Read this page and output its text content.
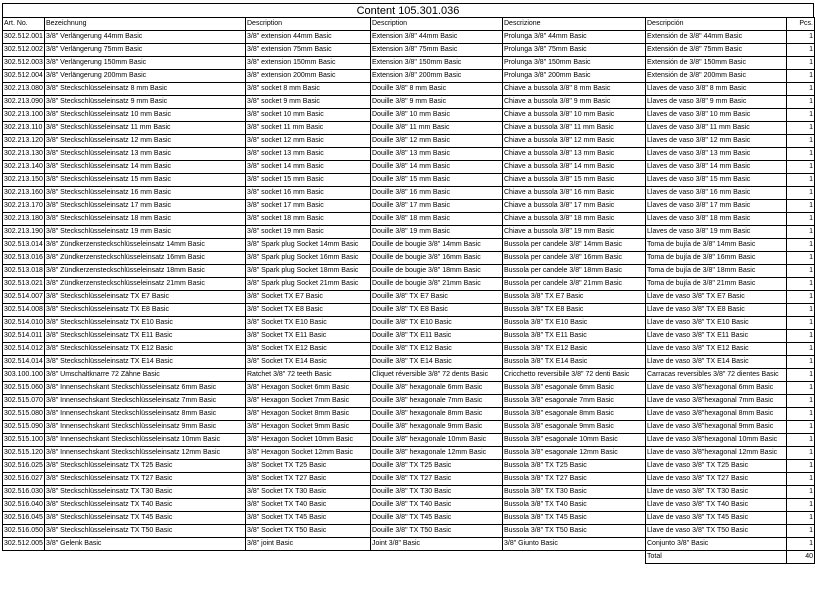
Content 105.301.036
Art. No.	Bezeichnung	Description	Description	Descrizione	Descripción	Pcs.
302.512.001	3/8" Verlängerung 44mm Basic	3/8" extension 44mm Basic	Extension 3/8" 44mm Basic	Prolunga 3/8" 44mm Basic	Extensión de 3/8" 44mm Basic	1
302.512.002	3/8" Verlängerung 75mm Basic	3/8" extension 75mm Basic	Extension 3/8" 75mm Basic	Prolunga 3/8" 75mm Basic	Extensión de 3/8" 75mm Basic	1
302.512.003	3/8" Verlängerung 150mm Basic	3/8" extension 150mm Basic	Extension 3/8" 150mm Basic	Prolunga 3/8" 150mm Basic	Extensión de 3/8" 150mm Basic	1
302.512.004	3/8" Verlängerung 200mm Basic	3/8" extension 200mm Basic	Extension 3/8" 200mm Basic	Prolunga 3/8" 200mm Basic	Extensión de 3/8" 200mm Basic	1
302.213.080	3/8" Steckschlüsseleinsatz 8 mm Basic	3/8" socket 8 mm Basic	Douille 3/8" 8 mm Basic	Chiave a bussola 3/8" 8 mm Basic	Llaves de vaso 3/8" 8 mm Basic	1
302.213.090	3/8" Steckschlüsseleinsatz 9 mm Basic	3/8" socket 9 mm Basic	Douille 3/8" 9 mm Basic	Chiave a bussola 3/8" 9 mm Basic	Llaves de vaso 3/8" 9 mm Basic	1
302.213.100	3/8" Steckschlüsseleinsatz 10 mm Basic	3/8" socket 10 mm Basic	Douille 3/8" 10 mm Basic	Chiave a bussola 3/8" 10 mm Basic	Llaves de vaso 3/8" 10 mm Basic	1
302.213.110	3/8" Steckschlüsseleinsatz 11 mm Basic	3/8" socket 11 mm Basic	Douille 3/8" 11 mm Basic	Chiave a bussola 3/8" 11 mm Basic	Llaves de vaso 3/8" 11 mm Basic	1
302.213.120	3/8" Steckschlüsseleinsatz 12 mm Basic	3/8" socket 12 mm Basic	Douille 3/8" 12 mm Basic	Chiave a bussola 3/8" 12 mm Basic	Llaves de vaso 3/8" 12 mm Basic	1
302.213.130	3/8" Steckschlüsseleinsatz 13 mm Basic	3/8" socket 13 mm Basic	Douille 3/8" 13 mm Basic	Chiave a bussola 3/8" 13 mm Basic	Llaves de vaso 3/8" 13 mm Basic	1
302.213.140	3/8" Steckschlüsseleinsatz 14 mm Basic	3/8" socket 14 mm Basic	Douille 3/8" 14 mm Basic	Chiave a bussola 3/8" 14 mm Basic	Llaves de vaso 3/8" 14 mm Basic	1
302.213.150	3/8" Steckschlüsseleinsatz 15 mm Basic	3/8" socket 15 mm Basic	Douille 3/8" 15 mm Basic	Chiave a bussola 3/8" 15 mm Basic	Llaves de vaso 3/8" 15 mm Basic	1
302.213.160	3/8" Steckschlüsseleinsatz 16 mm Basic	3/8" socket 16 mm Basic	Douille 3/8" 16 mm Basic	Chiave a bussola 3/8" 16 mm Basic	Llaves de vaso 3/8" 16 mm Basic	1
302.213.170	3/8" Steckschlüsseleinsatz 17 mm Basic	3/8" socket 17 mm Basic	Douille 3/8" 17 mm Basic	Chiave a bussola 3/8" 17 mm Basic	Llaves de vaso 3/8" 17 mm Basic	1
302.213.180	3/8" Steckschlüsseleinsatz 18 mm Basic	3/8" socket 18 mm Basic	Douille 3/8" 18 mm Basic	Chiave a bussola 3/8" 18 mm Basic	Llaves de vaso 3/8" 18 mm Basic	1
302.213.190	3/8" Steckschlüsseleinsatz 19 mm Basic	3/8" socket 19 mm Basic	Douille 3/8" 19 mm Basic	Chiave a bussola 3/8" 19 mm Basic	Llaves de vaso 3/8" 19 mm Basic	1
302.513.014	3/8" Zündkerzensteckschlüsseleinsatz 14mm Basic	3/8" Spark plug Socket 14mm Basic	Douille de bougie 3/8" 14mm Basic	Bussola per candele 3/8" 14mm Basic	Toma de bujía de 3/8" 14mm Basic	1
302.513.016	3/8" Zündkerzensteckschlüsseleinsatz 16mm Basic	3/8" Spark plug Socket 16mm Basic	Douille de bougie 3/8" 16mm Basic	Bussola per candele 3/8" 16mm Basic	Toma de bujía de 3/8" 16mm Basic	1
302.513.018	3/8" Zündkerzensteckschlüsseleinsatz 18mm Basic	3/8" Spark plug Socket 18mm Basic	Douille de bougie 3/8" 18mm Basic	Bussola per candele 3/8" 18mm Basic	Toma de bujía de 3/8" 18mm Basic	1
302.513.021	3/8" Zündkerzensteckschlüsseleinsatz 21mm Basic	3/8" Spark plug Socket 21mm Basic	Douille de bougie 3/8" 21mm Basic	Bussola per candele 3/8" 21mm Basic	Toma de bujía de 3/8" 21mm Basic	1
302.514.007	3/8" Steckschlüsseleinsatz TX E7 Basic	3/8" Socket TX E7 Basic	Douille 3/8" TX E7 Basic	Bussola 3/8" TX E7 Basic	Llave de vaso 3/8" TX E7 Basic	1
302.514.008	3/8" Steckschlüsseleinsatz TX E8 Basic	3/8" Socket TX E8 Basic	Douille 3/8" TX E8 Basic	Bussola 3/8" TX E8 Basic	Llave de vaso 3/8" TX E8 Basic	1
302.514.010	3/8" Steckschlüsseleinsatz TX E10 Basic	3/8" Socket TX E10 Basic	Douille 3/8" TX E10 Basic	Bussola 3/8" TX E10 Basic	Llave de vaso 3/8" TX E10 Basic	1
302.514.011	3/8" Steckschlüsseleinsatz TX E11 Basic	3/8" Socket TX E11 Basic	Douille 3/8" TX E11 Basic	Bussola 3/8" TX E11 Basic	Llave de vaso 3/8" TX E11 Basic	1
302.514.012	3/8" Steckschlüsseleinsatz TX E12 Basic	3/8" Socket TX E12 Basic	Douille 3/8" TX E12 Basic	Bussola 3/8" TX E12 Basic	Llave de vaso 3/8" TX E12 Basic	1
302.514.014	3/8" Steckschlüsseleinsatz TX E14 Basic	3/8" Socket TX E14 Basic	Douille 3/8" TX E14 Basic	Bussola 3/8" TX E14 Basic	Llave de vaso 3/8" TX E14 Basic	1
303.100.100	3/8" Umschaltknarre 72 Zähne Basic	Ratchet 3/8" 72 teeth Basic	Cliquet réversible 3/8" 72 dents Basic	Cricchetto reversibile 3/8" 72 denti Basic	Carracas reversibles 3/8" 72 dientes Basic	1
302.515.060	3/8" Innensechskant Steckschlüsseleinsatz 6mm Basic	3/8" Hexagon Socket 6mm Basic	Douille 3/8" hexagonale 6mm Basic	Bussola 3/8" esagonale 6mm Basic	Llave de vaso 3/8"hexagonal 6mm Basic	1
302.515.070	3/8" Innensechskant Steckschlüsseleinsatz 7mm Basic	3/8" Hexagon Socket 7mm Basic	Douille 3/8" hexagonale 7mm Basic	Bussola 3/8" esagonale 7mm Basic	Llave de vaso 3/8"hexagonal 7mm Basic	1
302.515.080	3/8" Innensechskant Steckschlüsseleinsatz 8mm Basic	3/8" Hexagon Socket 8mm Basic	Douille 3/8" hexagonale 8mm Basic	Bussola 3/8" esagonale 8mm Basic	Llave de vaso 3/8"hexagonal 8mm Basic	1
302.515.090	3/8" Innensechskant Steckschlüsseleinsatz 9mm Basic	3/8" Hexagon Socket 9mm Basic	Douille 3/8" hexagonale 9mm Basic	Bussola 3/8" esagonale 9mm Basic	Llave de vaso 3/8"hexagonal 9mm Basic	1
302.515.100	3/8" Innensechskant Steckschlüsseleinsatz 10mm Basic	3/8" Hexagon Socket 10mm Basic	Douille 3/8" hexagonale 10mm Basic	Bussola 3/8" esagonale 10mm Basic	Llave de vaso 3/8"hexagonal 10mm Basic	1
302.515.120	3/8" Innensechskant Steckschlüsseleinsatz 12mm Basic	3/8" Hexagon Socket 12mm Basic	Douille 3/8" hexagonale 12mm Basic	Bussola 3/8" esagonale 12mm Basic	Llave de vaso 3/8"hexagonal 12mm Basic	1
302.516.025	3/8" Steckschlüsseleinsatz TX T25 Basic	3/8" Socket TX T25 Basic	Douille 3/8" TX T25 Basic	Bussola 3/8" TX T25 Basic	Llave de vaso 3/8" TX T25 Basic	1
302.516.027	3/8" Steckschlüsseleinsatz TX T27 Basic	3/8" Socket TX T27 Basic	Douille 3/8" TX T27 Basic	Bussola 3/8" TX T27 Basic	Llave de vaso 3/8" TX T27 Basic	1
302.516.030	3/8" Steckschlüsseleinsatz TX T30 Basic	3/8" Socket TX T30 Basic	Douille 3/8" TX T30 Basic	Bussola 3/8" TX T30 Basic	Llave de vaso 3/8" TX T30 Basic	1
302.516.040	3/8" Steckschlüsseleinsatz TX T40 Basic	3/8" Socket TX T40 Basic	Douille 3/8" TX T40 Basic	Bussola 3/8" TX T40 Basic	Llave de vaso 3/8" TX T40 Basic	1
302.516.045	3/8" Steckschlüsseleinsatz TX T45 Basic	3/8" Socket TX T45 Basic	Douille 3/8" TX T45 Basic	Bussola 3/8" TX T45 Basic	Llave de vaso 3/8" TX T45 Basic	1
302.516.050	3/8" Steckschlüsseleinsatz TX T50 Basic	3/8" Socket TX T50 Basic	Douille 3/8" TX T50 Basic	Bussola 3/8" TX T50 Basic	Llave de vaso 3/8" TX T50 Basic	1
302.512.005	3/8" Gelenk Basic	3/8" joint Basic	Joint 3/8" Basic	3/8" Giunto Basic	Conjunto 3/8" Basic	1
					Total	40
